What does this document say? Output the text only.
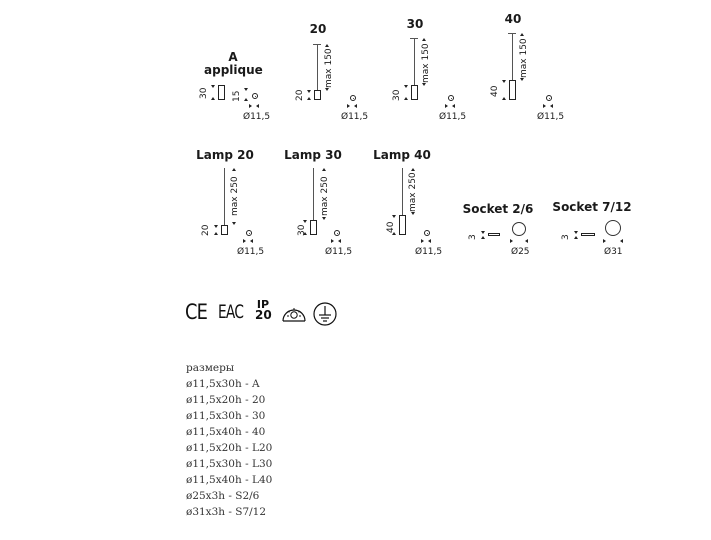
A
applique
30	15
Ø11,5
20
20
max 150
Ø11,5
30
30
max 150
Ø11,5
40
40
max 150
Ø11,5
Lamp 20
20
max 250
Ø11,5
Lamp 30
30
max 250
Ø11,5
Lamp 40
40
max 250
Ø11,5
Socket 2/6
3
Ø25
Socket 7/12
3
Ø31
CE EAC IP
20
размеры
ø11,5x30h - A
ø11,5x20h - 20
ø11,5x30h - 30
ø11,5x40h - 40
ø11,5x20h - L20
ø11,5x30h - L30
ø11,5x40h - L40
ø25x3h - S2/6
ø31x3h - S7/12
